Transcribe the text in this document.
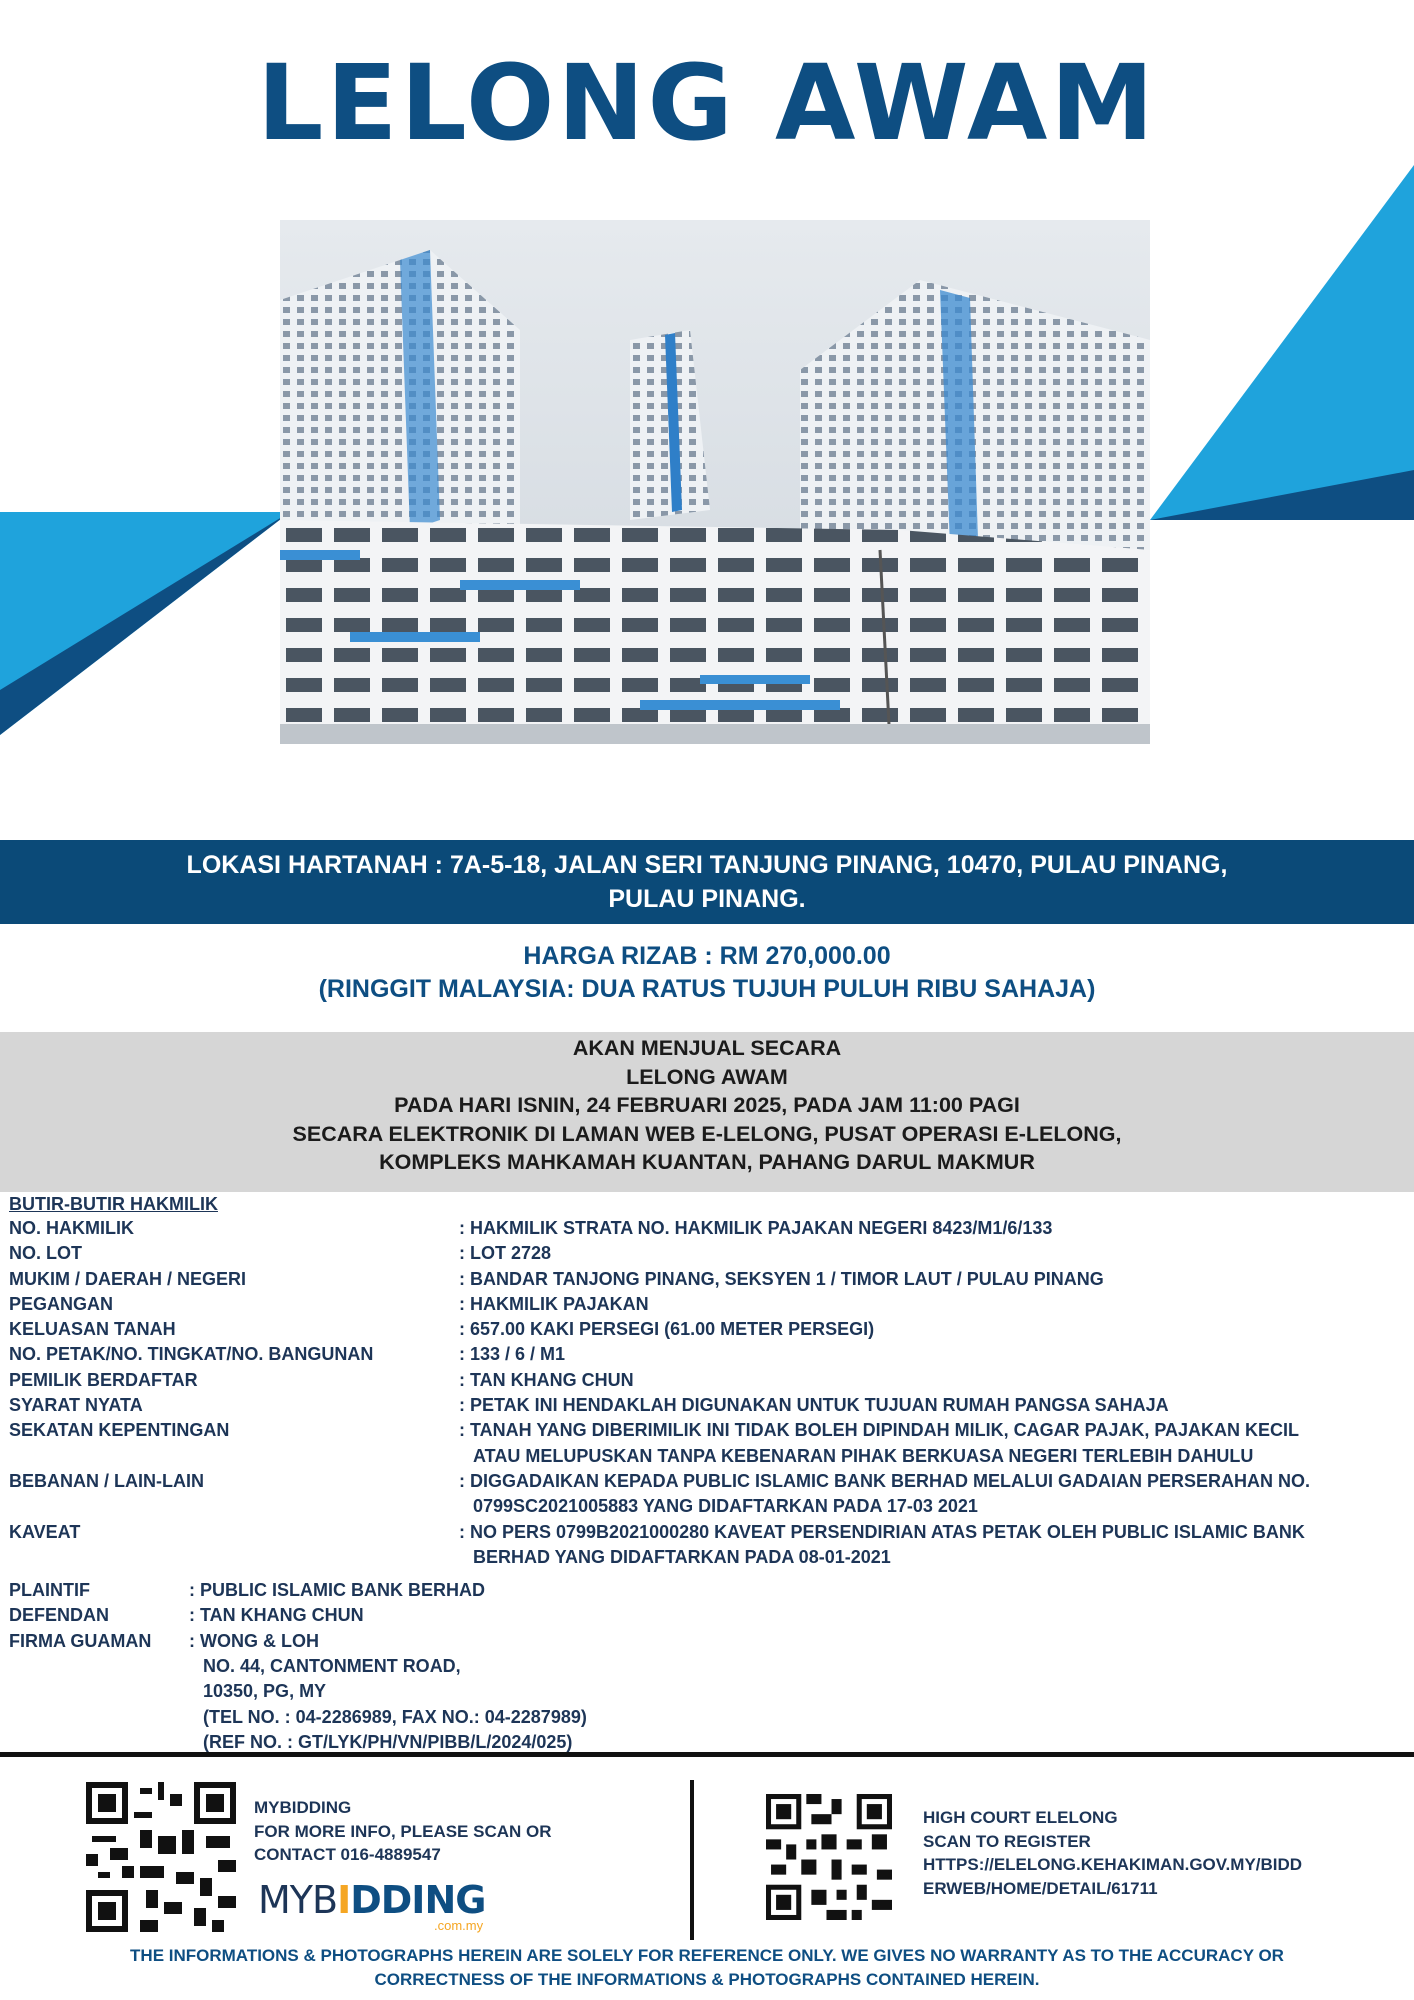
LELONG AWAM
LOKASI HARTANAH : 7A-5-18, JALAN SERI TANJUNG PINANG, 10470, PULAU PINANG,
PULAU PINANG.
HARGA RIZAB : RM 270,000.00
(RINGGIT MALAYSIA: DUA RATUS TUJUH PULUH RIBU SAHAJA)
AKAN MENJUAL SECARA
LELONG AWAM
PADA HARI ISNIN, 24 FEBRUARI 2025, PADA JAM 11:00 PAGI
SECARA ELEKTRONIK DI LAMAN WEB E-LELONG, PUSAT OPERASI E-LELONG,
KOMPLEKS MAHKAMAH KUANTAN, PAHANG DARUL MAKMUR
BUTIR-BUTIR HAKMILIK
NO. HAKMILIK	: HAKMILIK STRATA NO. HAKMILIK PAJAKAN NEGERI 8423/M1/6/133
NO. LOT	: LOT 2728
MUKIM / DAERAH / NEGERI	: BANDAR TANJONG PINANG, SEKSYEN 1 / TIMOR LAUT / PULAU PINANG
PEGANGAN	: HAKMILIK PAJAKAN
KELUASAN TANAH	: 657.00 KAKI PERSEGI (61.00 METER PERSEGI)
NO. PETAK/NO. TINGKAT/NO. BANGUNAN	: 133 / 6 / M1
PEMILIK BERDAFTAR	: TAN KHANG CHUN
SYARAT NYATA	: PETAK INI HENDAKLAH DIGUNAKAN UNTUK TUJUAN RUMAH PANGSA SAHAJA
SEKATAN KEPENTINGAN	: TANAH YANG DIBERIMILIK INI TIDAK BOLEH DIPINDAH MILIK, CAGAR PAJAK, PAJAKAN KECIL
ATAU MELUPUSKAN TANPA KEBENARAN PIHAK BERKUASA NEGERI TERLEBIH DAHULU
BEBANAN / LAIN-LAIN	: DIGGADAIKAN KEPADA PUBLIC ISLAMIC BANK BERHAD MELALUI GADAIAN PERSERAHAN NO.
0799SC2021005883 YANG DIDAFTARKAN PADA 17-03 2021
KAVEAT	: NO PERS 0799B2021000280 KAVEAT PERSENDIRIAN ATAS PETAK OLEH PUBLIC ISLAMIC BANK
BERHAD YANG DIDAFTARKAN PADA 08-01-2021
PLAINTIF	: PUBLIC ISLAMIC BANK BERHAD
DEFENDAN	: TAN KHANG CHUN
FIRMA GUAMAN	: WONG & LOH
NO. 44, CANTONMENT ROAD,
10350, PG, MY
(TEL NO. : 04-2286989, FAX NO.: 04-2287989)
(REF NO. : GT/LYK/PH/VN/PIBB/L/2024/025)
MYBIDDING
FOR MORE INFO, PLEASE SCAN OR
CONTACT 016-4889547
MYBIDDING
.com.my
HIGH COURT ELELONG
SCAN TO REGISTER
HTTPS://ELELONG.KEHAKIMAN.GOV.MY/BIDD
ERWEB/HOME/DETAIL/61711
THE INFORMATIONS & PHOTOGRAPHS HEREIN ARE SOLELY FOR REFERENCE ONLY. WE GIVES NO WARRANTY AS TO THE ACCURACY OR
CORRECTNESS OF THE INFORMATIONS & PHOTOGRAPHS CONTAINED HEREIN.
